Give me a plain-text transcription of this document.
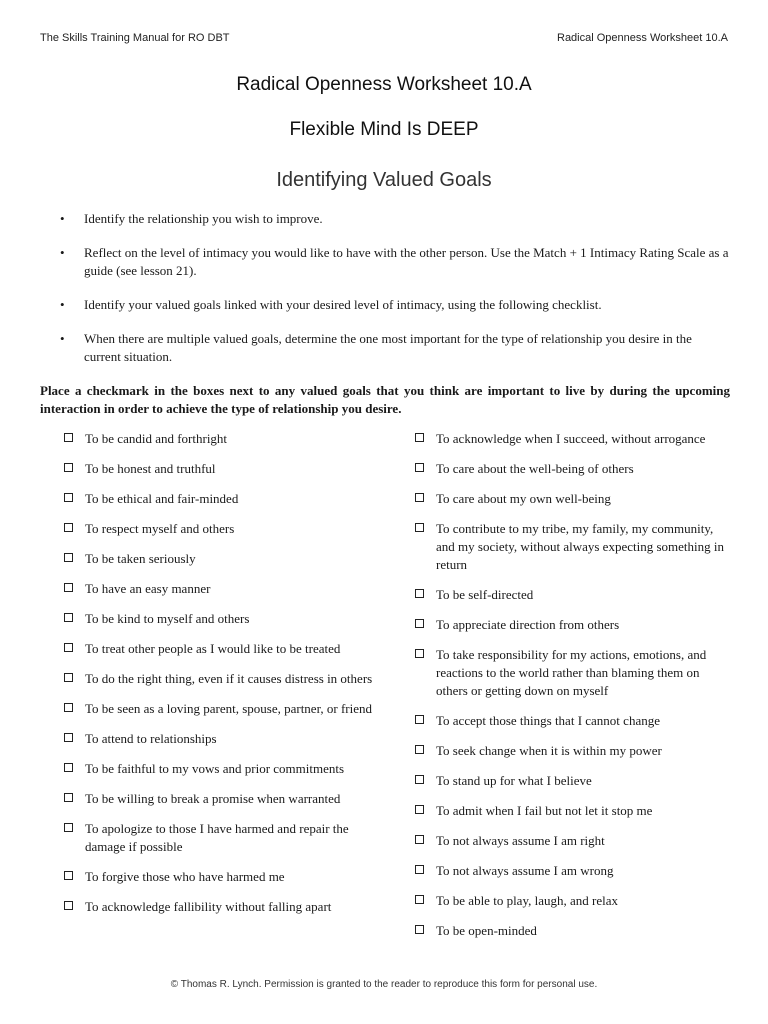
The Skills Training Manual for RO DBT	Radical Openness Worksheet 10.A
Radical Openness Worksheet 10.A
Flexible Mind Is DEEP
Identifying Valued Goals
• Identify the relationship you wish to improve.
• Reflect on the level of intimacy you would like to have with the other person. Use the Match + 1 Intimacy Rating Scale as a guide (see lesson 21).
• Identify your valued goals linked with your desired level of intimacy, using the following checklist.
• When there are multiple valued goals, determine the one most important for the type of relationship you desire in the current situation.
Place a checkmark in the boxes next to any valued goals that you think are important to live by during the upcoming interaction in order to achieve the type of relationship you desire.
To be candid and forthright
To be honest and truthful
To be ethical and fair-minded
To respect myself and others
To be taken seriously
To have an easy manner
To be kind to myself and others
To treat other people as I would like to be treated
To do the right thing, even if it causes distress in others
To be seen as a loving parent, spouse, partner, or friend
To attend to relationships
To be faithful to my vows and prior commitments
To be willing to break a promise when warranted
To apologize to those I have harmed and repair the damage if possible
To forgive those who have harmed me
To acknowledge fallibility without falling apart
To acknowledge when I succeed, without arrogance
To care about the well-being of others
To care about my own well-being
To contribute to my tribe, my family, my community, and my society, without always expecting something in return
To be self-directed
To appreciate direction from others
To take responsibility for my actions, emotions, and reactions to the world rather than blaming them on others or getting down on myself
To accept those things that I cannot change
To seek change when it is within my power
To stand up for what I believe
To admit when I fail but not let it stop me
To not always assume I am right
To not always assume I am wrong
To be able to play, laugh, and relax
To be open-minded
© Thomas R. Lynch. Permission is granted to the reader to reproduce this form for personal use.
